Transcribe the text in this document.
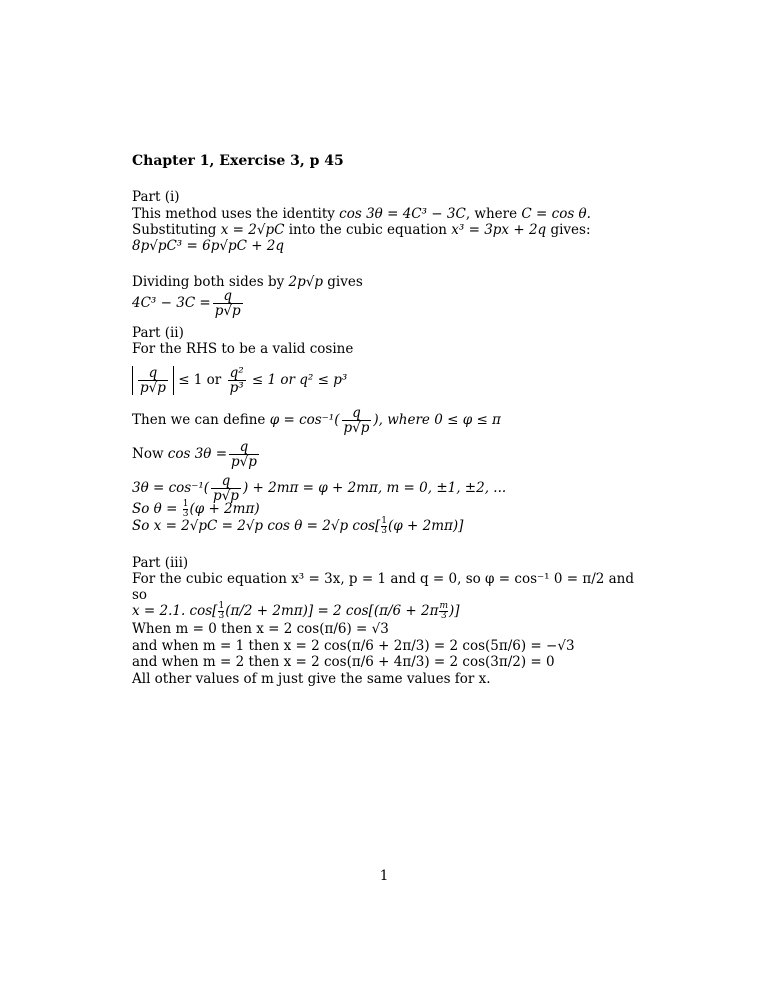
Chapter 1, Exercise 3, p 45
Part (i)
This method uses the identity cos 3θ = 4C³ − 3C, where C = cos θ.
Substituting x = 2√pC into the cubic equation x³ = 3px + 2q gives:
8p√pC³ = 6p√pC + 2q
Dividing both sides by 2p√p gives
$4C^3 - 3C = \frac{q}{p√p}$
Part (ii)
For the RHS to be a valid cosine
$\frac{q}{p√p} \le 1$ or $\frac{\text{q²}}{\text{p³}} \le 1$ or q² ≤ p³
Then we can define $\varphi = \cos^{-1}( \frac{q}{p√p}$ ), where 0 ≤ φ ≤ π
Now $\cos 3\theta = \frac{q}{p√p}$
$3\theta = \cos^{-1}( \frac{q}{p√p}$ ) + 2mπ = φ + 2mπ, m = 0, ±1, ±2, ...
So $\theta = \frac{1}{3} (\varphi + 2m\pi)$
So x = 2√pC = 2√p cos θ = 2√p $\cos[ \frac{1}{3} (\varphi + 2m\pi)]$
Part (iii)
For the cubic equation x³ = 3x, p = 1 and q = 0, so φ = cos⁻¹ 0 = π/2 and
so
x = 2.1. $\cos[ \frac{1}{3} (\pi/2 + 2m\pi)] = 2$ $\cos[(\pi/6 + 2\pi \frac{m}{3}$ )]
When m = 0 then x = 2 cos(π/6) = √3
and when m = 1 then x = 2 cos(π/6 + 2π/3) = 2 cos(5π/6) = −√3
and when m = 2 then x = 2 cos(π/6 + 4π/3) = 2 cos(3π/2) = 0
All other values of m just give the same values for x.
1
